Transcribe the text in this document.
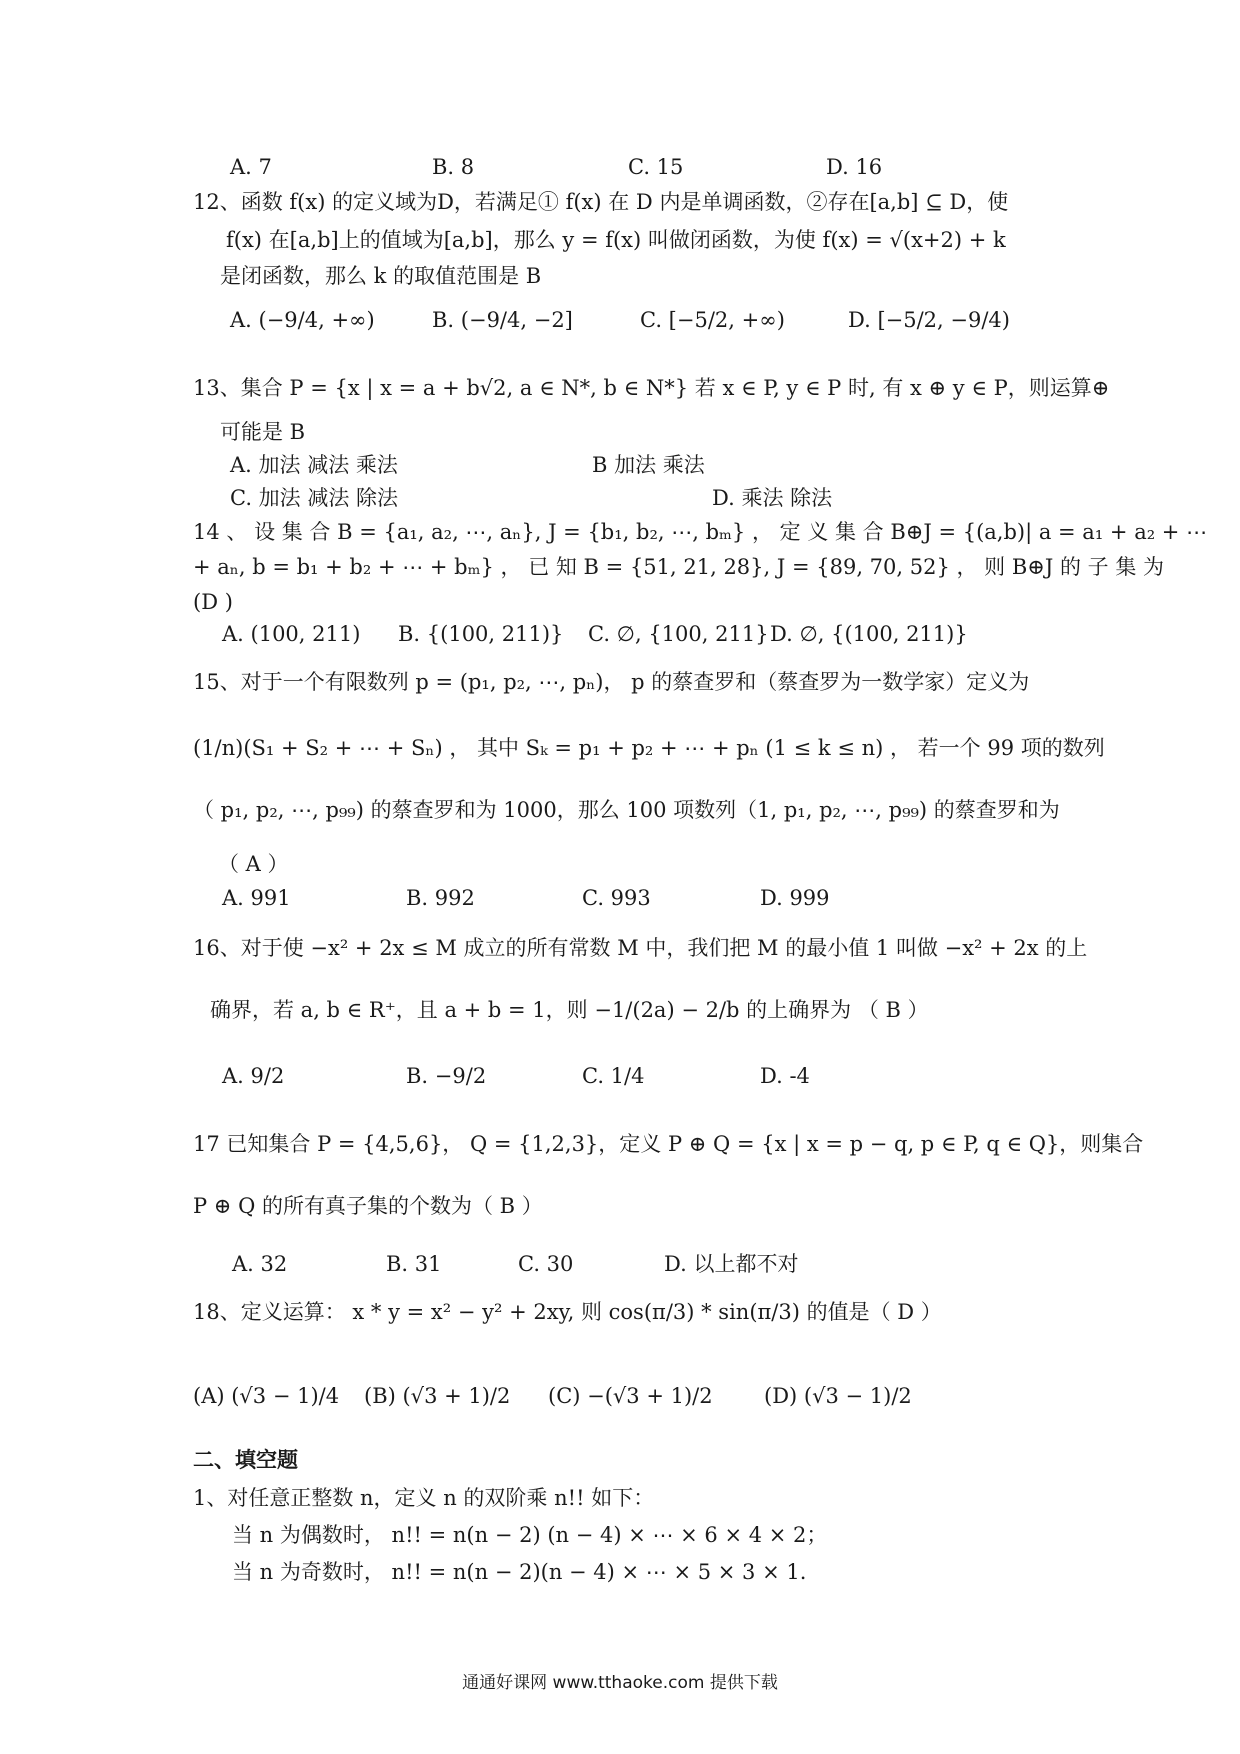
A. 7	B. 8	C. 15	D. 16
12、函数 f(x) 的定义域为D，若满足① f(x) 在 D 内是单调函数，②存在[a,b] ⊆ D，使
f(x) 在[a,b]上的值域为[a,b]，那么 y = f(x) 叫做闭函数，为使 f(x) = √(x+2) + k
是闭函数，那么 k 的取值范围是 B
A. (−9/4, +∞)	B. (−9/4, −2]	C. [−5/2, +∞)	D. [−5/2, −9/4)
13、集合 P = {x | x = a + b√2, a ∈ N*, b ∈ N*} 若 x ∈ P, y ∈ P 时, 有 x ⊕ y ∈ P，则运算⊕
可能是 B
A. 加法 减法 乘法	B 加法 乘法
C. 加法 减法 除法	D. 乘法 除法
14 、 设 集 合 B = {a₁, a₂, ⋯, aₙ}, J = {b₁, b₂, ⋯, bₘ} ， 定 义 集 合 B⊕J = {(a,b)| a = a₁ + a₂ + ⋯
+ aₙ, b = b₁ + b₂ + ⋯ + bₘ} ， 已 知 B = {51, 21, 28}, J = {89, 70, 52} ， 则 B⊕J 的 子 集 为
(D )
A. (100, 211) B. {(100, 211)} C. ∅, {100, 211} D. ∅, {(100, 211)}
15、对于一个有限数列 p = (p₁, p₂, ⋯, pₙ)， p 的蔡查罗和（蔡查罗为一数学家）定义为
(1/n)(S₁ + S₂ + ⋯ + Sₙ) ， 其中 Sₖ = p₁ + p₂ + ⋯ + pₙ (1 ≤ k ≤ n) ， 若一个 99 项的数列
（ p₁, p₂, ⋯, p₉₉) 的蔡查罗和为 1000，那么 100 项数列（1, p₁, p₂, ⋯, p₉₉) 的蔡查罗和为
（ A ）
A. 991	B. 992	C. 993	D. 999
16、对于使 −x² + 2x ≤ M 成立的所有常数 M 中，我们把 M 的最小值 1 叫做 −x² + 2x 的上
确界，若 a, b ∈ R⁺，且 a + b = 1，则 −1/(2a) − 2/b 的上确界为 （ B ）
A. 9/2	B. −9/2	C. 1/4	D. -4
17 已知集合 P = {4,5,6}， Q = {1,2,3}，定义 P ⊕ Q = {x | x = p − q, p ∈ P, q ∈ Q}，则集合
P ⊕ Q 的所有真子集的个数为（ B ）
A. 32	B. 31	C. 30	D. 以上都不对
18、定义运算： x * y = x² − y² + 2xy, 则 cos(π/3) * sin(π/3) 的值是（ D ）
(A) (√3 − 1)/4 (B) (√3 + 1)/2 (C) −(√3 + 1)/2 (D) (√3 − 1)/2
二、填空题
1、对任意正整数 n，定义 n 的双阶乘 n!! 如下：
当 n 为偶数时， n!! = n(n − 2) (n − 4) × ⋯ × 6 × 4 × 2；
当 n 为奇数时， n!! = n(n − 2)(n − 4) × ⋯ × 5 × 3 × 1.
通通好课网 www.tthaoke.com 提供下载
